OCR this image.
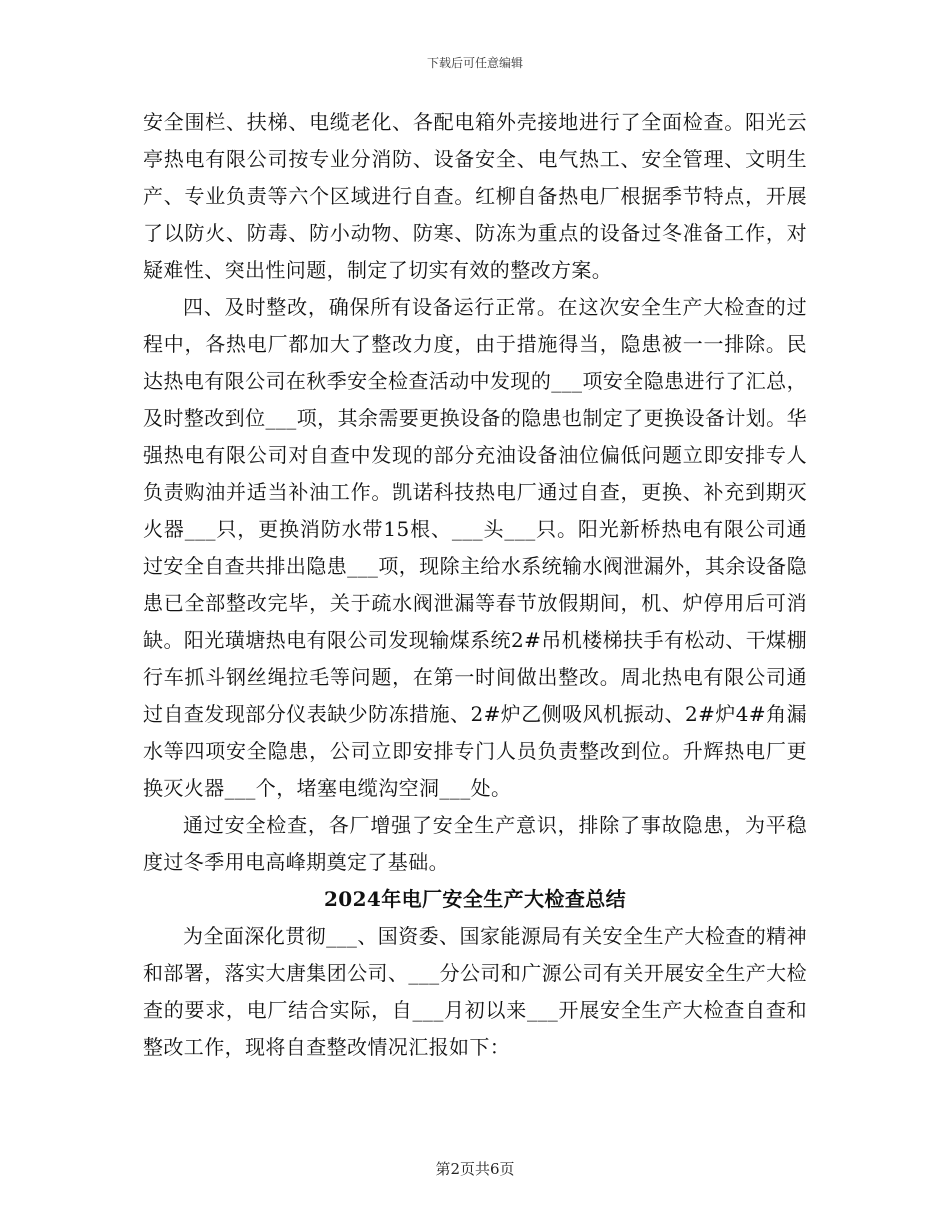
下载后可任意编辑

安全围栏、扶梯、电缆老化、各配电箱外壳接地进行了全面检查。阳光云亭热电有限公司按专业分消防、设备安全、电气热工、安全管理、文明生产、专业负责等六个区域进行自查。红柳自备热电厂根据季节特点，开展了以防火、防毒、防小动物、防寒、防冻为重点的设备过冬准备工作，对疑难性、突出性问题，制定了切实有效的整改方案。

四、及时整改，确保所有设备运行正常。在这次安全生产大检查的过程中，各热电厂都加大了整改力度，由于措施得当，隐患被一一排除。民达热电有限公司在秋季安全检查活动中发现的___项安全隐患进行了汇总，及时整改到位___项，其余需要更换设备的隐患也制定了更换设备计划。华强热电有限公司对自查中发现的部分充油设备油位偏低问题立即安排专人负责购油并适当补油工作。凯诺科技热电厂通过自查，更换、补充到期灭火器___只，更换消防水带15根、___头___只。阳光新桥热电有限公司通过安全自查共排出隐患___项，现除主给水系统输水阀泄漏外，其余设备隐患已全部整改完毕，关于疏水阀泄漏等春节放假期间，机、炉停用后可消缺。阳光璜塘热电有限公司发现输煤系统2#吊机楼梯扶手有松动、干煤棚行车抓斗钢丝绳拉毛等问题，在第一时间做出整改。周北热电有限公司通过自查发现部分仪表缺少防冻措施、2#炉乙侧吸风机振动、2#炉4#角漏水等四项安全隐患，公司立即安排专门人员负责整改到位。升辉热电厂更换灭火器___个，堵塞电缆沟空洞___处。

通过安全检查，各厂增强了安全生产意识，排除了事故隐患，为平稳度过冬季用电高峰期奠定了基础。

2024年电厂安全生产大检查总结

为全面深化贯彻___、国资委、国家能源局有关安全生产大检查的精神和部署，落实大唐集团公司、___分公司和广源公司有关开展安全生产大检查的要求，电厂结合实际，自___月初以来___开展安全生产大检查自查和整改工作，现将自查整改情况汇报如下：

第2页共6页
